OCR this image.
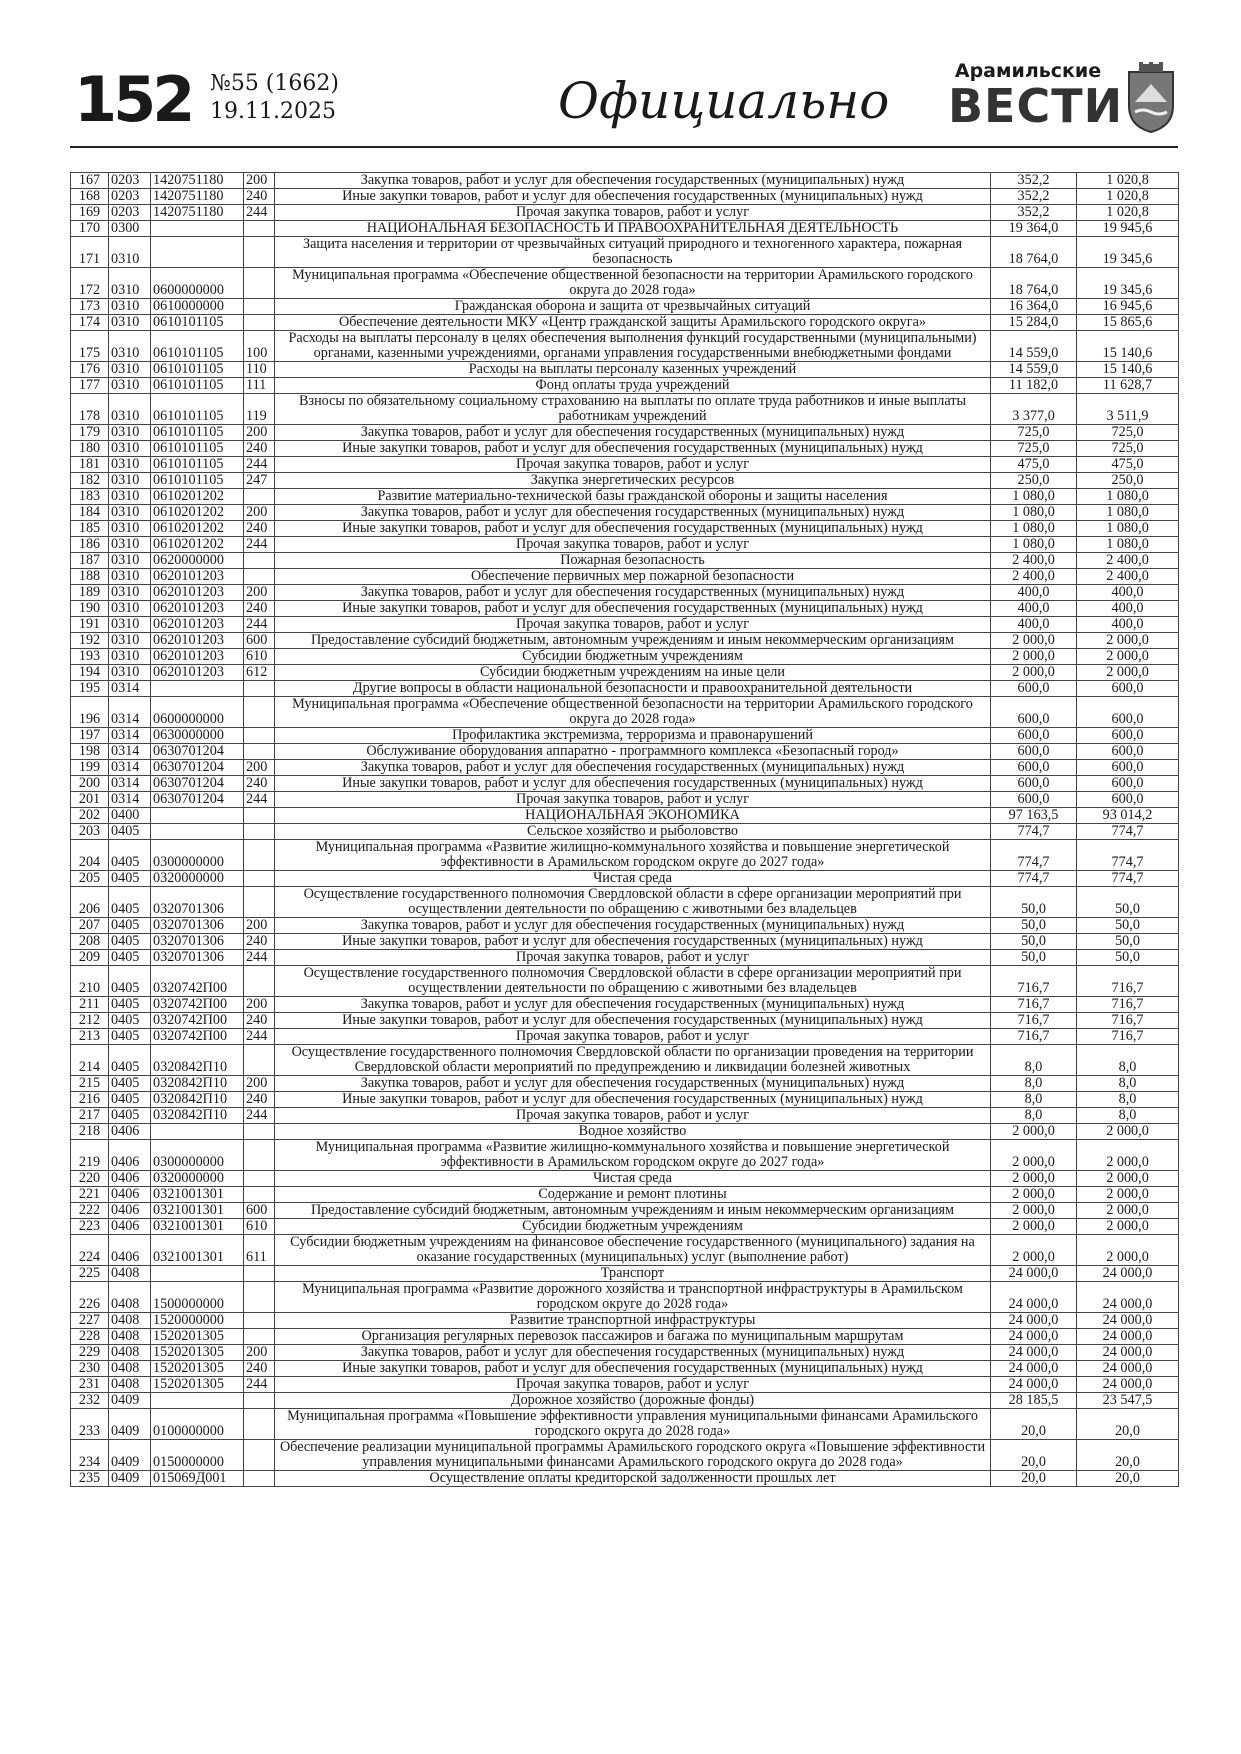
152 №55 (1662)
19.11.2025	Официально
Арамильские
ВЕСТИ
167	0203	1420751180	200	Закупка товаров, работ и услуг для обеспечения государственных (муниципальных) нужд	352,2	1 020,8
168	0203	1420751180	240	Иные закупки товаров, работ и услуг для обеспечения государственных (муниципальных) нужд	352,2	1 020,8
169	0203	1420751180	244	Прочая закупка товаров, работ и услуг	352,2	1 020,8
170	0300			НАЦИОНАЛЬНАЯ БЕЗОПАСНОСТЬ И ПРАВООХРАНИТЕЛЬНАЯ ДЕЯТЕЛЬНОСТЬ	19 364,0	19 945,6
171	0310			Защита населения и территории от чрезвычайных ситуаций природного и техногенного характера, пожарная безопасность	18 764,0	19 345,6
172	0310	0600000000		Муниципальная программа «Обеспечение общественной безопасности на территории Арамильского городского округа до 2028 года»	18 764,0	19 345,6
173	0310	0610000000		Гражданская оборона и защита от чрезвычайных ситуаций	16 364,0	16 945,6
174	0310	0610101105		Обеспечение деятельности МКУ «Центр гражданской защиты Арамильского городского округа»	15 284,0	15 865,6
175	0310	0610101105	100	Расходы на выплаты персоналу в целях обеспечения выполнения функций государственными (муниципальными) органами, казенными учреждениями, органами управления государственными внебюджетными фондами	14 559,0	15 140,6
176	0310	0610101105	110	Расходы на выплаты персоналу казенных учреждений	14 559,0	15 140,6
177	0310	0610101105	111	Фонд оплаты труда учреждений	11 182,0	11 628,7
178	0310	0610101105	119	Взносы по обязательному социальному страхованию на выплаты по оплате труда работников и иные выплаты работникам учреждений	3 377,0	3 511,9
179	0310	0610101105	200	Закупка товаров, работ и услуг для обеспечения государственных (муниципальных) нужд	725,0	725,0
180	0310	0610101105	240	Иные закупки товаров, работ и услуг для обеспечения государственных (муниципальных) нужд	725,0	725,0
181	0310	0610101105	244	Прочая закупка товаров, работ и услуг	475,0	475,0
182	0310	0610101105	247	Закупка энергетических ресурсов	250,0	250,0
183	0310	0610201202		Развитие материально-технической базы гражданской обороны и защиты населения	1 080,0	1 080,0
184	0310	0610201202	200	Закупка товаров, работ и услуг для обеспечения государственных (муниципальных) нужд	1 080,0	1 080,0
185	0310	0610201202	240	Иные закупки товаров, работ и услуг для обеспечения государственных (муниципальных) нужд	1 080,0	1 080,0
186	0310	0610201202	244	Прочая закупка товаров, работ и услуг	1 080,0	1 080,0
187	0310	0620000000		Пожарная безопасность	2 400,0	2 400,0
188	0310	0620101203		Обеспечение первичных мер пожарной безопасности	2 400,0	2 400,0
189	0310	0620101203	200	Закупка товаров, работ и услуг для обеспечения государственных (муниципальных) нужд	400,0	400,0
190	0310	0620101203	240	Иные закупки товаров, работ и услуг для обеспечения государственных (муниципальных) нужд	400,0	400,0
191	0310	0620101203	244	Прочая закупка товаров, работ и услуг	400,0	400,0
192	0310	0620101203	600	Предоставление субсидий бюджетным, автономным учреждениям и иным некоммерческим организациям	2 000,0	2 000,0
193	0310	0620101203	610	Субсидии бюджетным учреждениям	2 000,0	2 000,0
194	0310	0620101203	612	Субсидии бюджетным учреждениям на иные цели	2 000,0	2 000,0
195	0314			Другие вопросы в области национальной безопасности и правоохранительной деятельности	600,0	600,0
196	0314	0600000000		Муниципальная программа «Обеспечение общественной безопасности на территории Арамильского городского округа до 2028 года»	600,0	600,0
197	0314	0630000000		Профилактика экстремизма, терроризма и правонарушений	600,0	600,0
198	0314	0630701204		Обслуживание оборудования аппаратно - программного комплекса «Безопасный город»	600,0	600,0
199	0314	0630701204	200	Закупка товаров, работ и услуг для обеспечения государственных (муниципальных) нужд	600,0	600,0
200	0314	0630701204	240	Иные закупки товаров, работ и услуг для обеспечения государственных (муниципальных) нужд	600,0	600,0
201	0314	0630701204	244	Прочая закупка товаров, работ и услуг	600,0	600,0
202	0400			НАЦИОНАЛЬНАЯ ЭКОНОМИКА	97 163,5	93 014,2
203	0405			Сельское хозяйство и рыболовство	774,7	774,7
204	0405	0300000000		Муниципальная программа «Развитие жилищно-коммунального хозяйства и повышение энергетической эффективности в Арамильском городском округе до 2027 года»	774,7	774,7
205	0405	0320000000		Чистая среда	774,7	774,7
206	0405	0320701306		Осуществление государственного полномочия Свердловской области в сфере организации мероприятий при осуществлении деятельности по обращению с животными без владельцев	50,0	50,0
207	0405	0320701306	200	Закупка товаров, работ и услуг для обеспечения государственных (муниципальных) нужд	50,0	50,0
208	0405	0320701306	240	Иные закупки товаров, работ и услуг для обеспечения государственных (муниципальных) нужд	50,0	50,0
209	0405	0320701306	244	Прочая закупка товаров, работ и услуг	50,0	50,0
210	0405	0320742П00		Осуществление государственного полномочия Свердловской области в сфере организации мероприятий при осуществлении деятельности по обращению с животными без владельцев	716,7	716,7
211	0405	0320742П00	200	Закупка товаров, работ и услуг для обеспечения государственных (муниципальных) нужд	716,7	716,7
212	0405	0320742П00	240	Иные закупки товаров, работ и услуг для обеспечения государственных (муниципальных) нужд	716,7	716,7
213	0405	0320742П00	244	Прочая закупка товаров, работ и услуг	716,7	716,7
214	0405	0320842П10		Осуществление государственного полномочия Свердловской области по организации проведения на территории Свердловской области мероприятий по предупреждению и ликвидации болезней животных	8,0	8,0
215	0405	0320842П10	200	Закупка товаров, работ и услуг для обеспечения государственных (муниципальных) нужд	8,0	8,0
216	0405	0320842П10	240	Иные закупки товаров, работ и услуг для обеспечения государственных (муниципальных) нужд	8,0	8,0
217	0405	0320842П10	244	Прочая закупка товаров, работ и услуг	8,0	8,0
218	0406			Водное хозяйство	2 000,0	2 000,0
219	0406	0300000000		Муниципальная программа «Развитие жилищно-коммунального хозяйства и повышение энергетической эффективности в Арамильском городском округе до 2027 года»	2 000,0	2 000,0
220	0406	0320000000		Чистая среда	2 000,0	2 000,0
221	0406	0321001301		Содержание и ремонт плотины	2 000,0	2 000,0
222	0406	0321001301	600	Предоставление субсидий бюджетным, автономным учреждениям и иным некоммерческим организациям	2 000,0	2 000,0
223	0406	0321001301	610	Субсидии бюджетным учреждениям	2 000,0	2 000,0
224	0406	0321001301	611	Субсидии бюджетным учреждениям на финансовое обеспечение государственного (муниципального) задания на оказание государственных (муниципальных) услуг (выполнение работ)	2 000,0	2 000,0
225	0408			Транспорт	24 000,0	24 000,0
226	0408	1500000000		Муниципальная программа «Развитие дорожного хозяйства и транспортной инфраструктуры в Арамильском городском округе до 2028 года»	24 000,0	24 000,0
227	0408	1520000000		Развитие транспортной инфраструктуры	24 000,0	24 000,0
228	0408	1520201305		Организация регулярных перевозок пассажиров и багажа по муниципальным маршрутам	24 000,0	24 000,0
229	0408	1520201305	200	Закупка товаров, работ и услуг для обеспечения государственных (муниципальных) нужд	24 000,0	24 000,0
230	0408	1520201305	240	Иные закупки товаров, работ и услуг для обеспечения государственных (муниципальных) нужд	24 000,0	24 000,0
231	0408	1520201305	244	Прочая закупка товаров, работ и услуг	24 000,0	24 000,0
232	0409			Дорожное хозяйство (дорожные фонды)	28 185,5	23 547,5
233	0409	0100000000		Муниципальная программа «Повышение эффективности управления муниципальными финансами Арамильского городского округа до 2028 года»	20,0	20,0
234	0409	0150000000		Обеспечение реализации муниципальной программы Арамильского городского округа «Повышение эффективности управления муниципальными финансами Арамильского городского округа до 2028 года»	20,0	20,0
235	0409	015069Д001		Осуществление оплаты кредиторской задолженности прошлых лет	20,0	20,0
